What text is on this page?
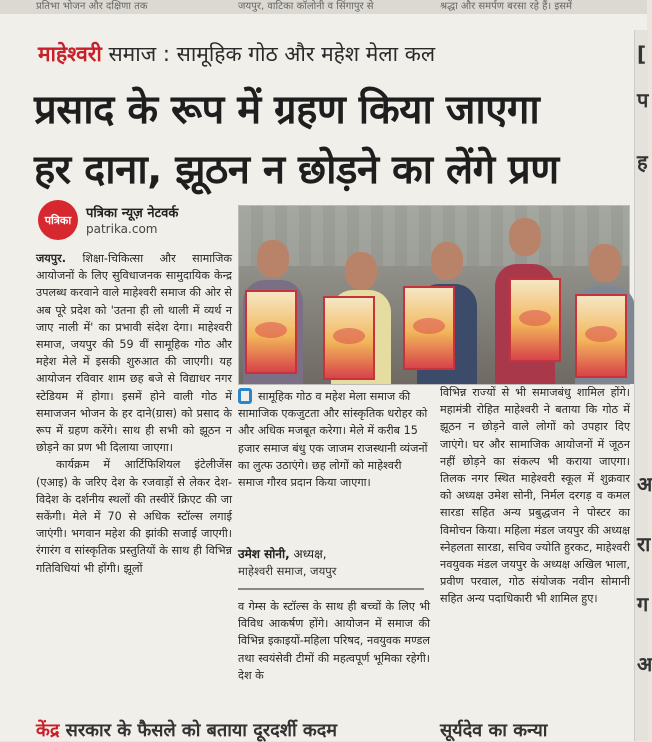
प्रतिभा भोजन और दक्षिणा तक	जयपुर, वाटिका कॉलोनी व सिंगापुर से	श्रद्धा और समर्पण बरसा रहे हैं। इसमें
माहेश्वरी समाज : सामूहिक गोठ और महेश मेला कल
प्रसाद के रूप में ग्रहण किया जाएगा
हर दाना, झूठन न छोड़ने का लेंगे प्रण
पत्रिका	पत्रिका न्यूज़ नेटवर्क
patrika.com

जयपुर. शिक्षा-चिकित्सा और सामाजिक आयोजनों के लिए सुविधाजनक सामुदायिक केन्द्र उपलब्ध करवाने वाले माहेश्वरी समाज की ओर से अब पूरे प्रदेश को 'उतना ही लो थाली में व्यर्थ न जाए नाली में' का प्रभावी संदेश देगा। माहेश्वरी समाज, जयपुर की 59 वीं सामूहिक गोठ और महेश मेले में इसकी शुरुआत की जाएगी। यह आयोजन रविवार शाम छह बजे से विद्याधर नगर स्टेडियम में होगा। इसमें होने वाली गोठ में समाजजन भोजन के हर दाने(ग्रास) को प्रसाद के रूप में ग्रहण करेंगे। साथ ही सभी को झूठन न छोड़ने का प्रण भी दिलाया जाएगा।

कार्यक्रम में आर्टिफिशियल इंटेलीजेंस (एआइ) के जरिए देश के रजवाड़ों से लेकर देश-विदेश के दर्शनीय स्थलों की तस्वीरें क्रिएट की जा सकेंगी। मेले में 70 से अधिक स्टॉल्स लगाई जाएंगी। भगवान महेश की झांकी सजाई जाएगी। रंगारंग व सांस्कृतिक प्रस्तुतियों के साथ ही विभिन्न गतिविधियां भी होंगी। झूलों

सामूहिक गोठ व महेश मेला समाज की सामाजिक एकजुटता और सांस्कृतिक धरोहर को और अधिक मजबूत करेगा। मेले में करीब 15 हजार समाज बंधु एक जाजम राजस्थानी व्यंजनों का लुत्फ उठाएंगे। छह लोगों को माहेश्वरी समाज गौरव प्रदान किया जाएगा।
उमेश सोनी, अध्यक्ष,
माहेश्वरी समाज, जयपुर
व गेम्स के स्टॉल्स के साथ ही बच्चों के लिए भी विविध आकर्षण होंगे। आयोजन में समाज की विभिन्न इकाइयों-महिला परिषद, नवयुवक मण्डल तथा स्वयंसेवी टीमों की महत्वपूर्ण भूमिका रहेगी। देश के
विभिन्न राज्यों से भी समाजबंधु शामिल होंगे। महामंत्री रोहित माहेश्वरी ने बताया कि गोठ में झूठन न छोड़ने वाले लोगों को उपहार दिए जाएंगे। घर और सामाजिक आयोजनों में जूठन नहीं छोड़ने का संकल्प भी कराया जाएगा। तिलक नगर स्थित माहेश्वरी स्कूल में शुक्रवार को अध्यक्ष उमेश सोनी, निर्मल दरगड़ व कमल सारडा सहित अन्य प्रबुद्धजन ने पोस्टर का विमोचन किया। महिला मंडल जयपुर की अध्यक्ष स्नेहलता सारडा, सचिव ज्योति हुरकट, माहेश्वरी नवयुवक मंडल जयपुर के अध्यक्ष अखिल भाला, प्रवीण परवाल, गोठ संयोजक नवीन सोमानी सहित अन्य पदाधिकारी भी शामिल हुए।
केंद्र सरकार के फैसले को बताया दूरदर्शी कदम	सूर्यदेव का कन्या
[
प
ह
अ
रा
ग
अ
